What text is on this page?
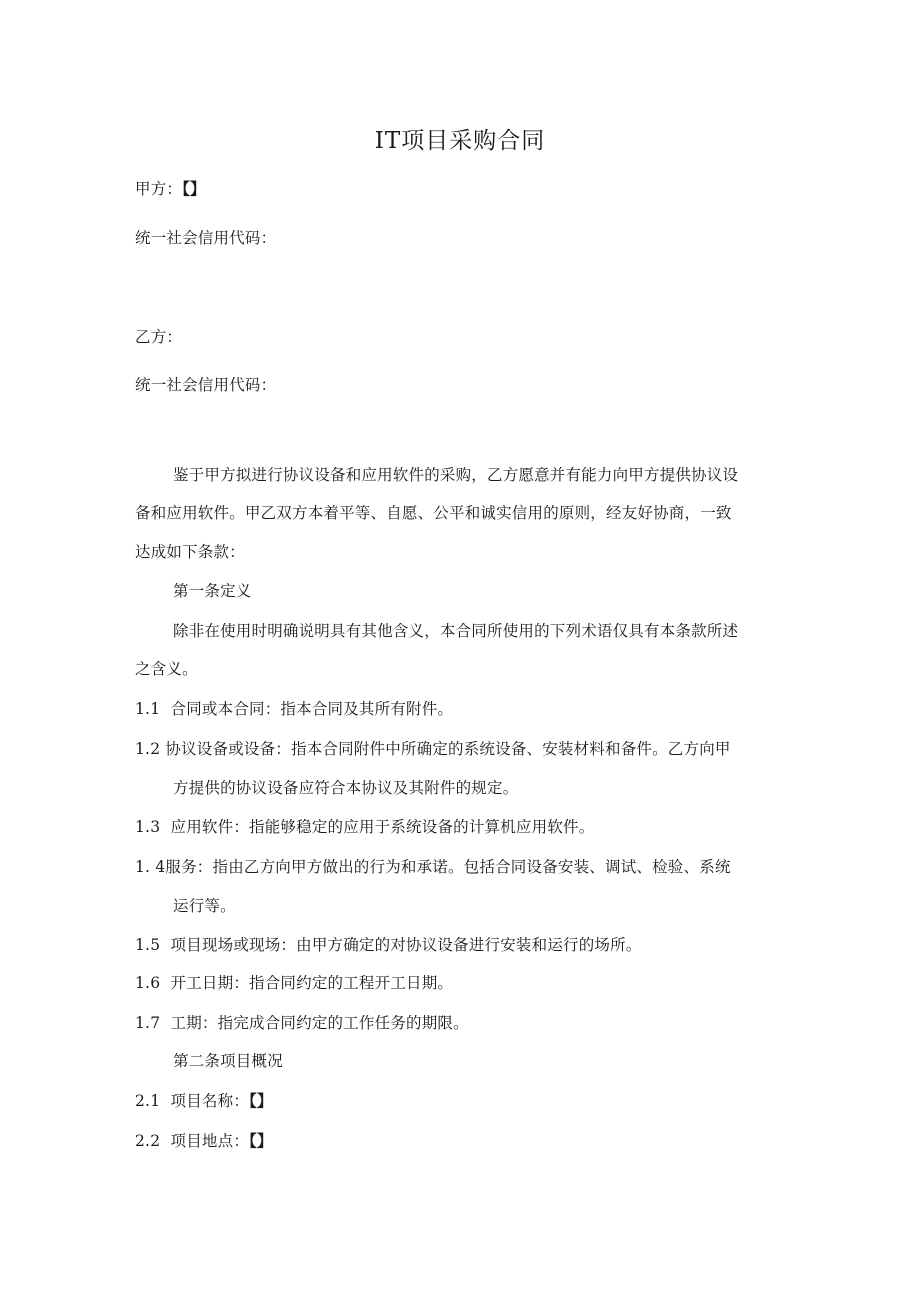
IT项目采购合同
甲方：【】
统一社会信用代码：
乙方：
统一社会信用代码：
鉴于甲方拟进行协议设备和应用软件的采购，乙方愿意并有能力向甲方提供协议设
备和应用软件。甲乙双方本着平等、自愿、公平和诚实信用的原则，经友好协商，一致
达成如下条款：
第一条定义
除非在使用时明确说明具有其他含义，本合同所使用的下列术语仅具有本条款所述
之含义。
1.1 合同或本合同：指本合同及其所有附件。
1.2 协议设备或设备：指本合同附件中所确定的系统设备、安装材料和备件。乙方向甲
方提供的协议设备应符合本协议及其附件的规定。
1.3 应用软件：指能够稳定的应用于系统设备的计算机应用软件。
1. 4服务：指由乙方向甲方做出的行为和承诺。包括合同设备安装、调试、检验、系统
运行等。
1.5 项目现场或现场：由甲方确定的对协议设备进行安装和运行的场所。
1.6 开工日期：指合同约定的工程开工日期。
1.7 工期：指完成合同约定的工作任务的期限。
第二条项目概况
2.1 项目名称：【】
2.2 项目地点：【】
